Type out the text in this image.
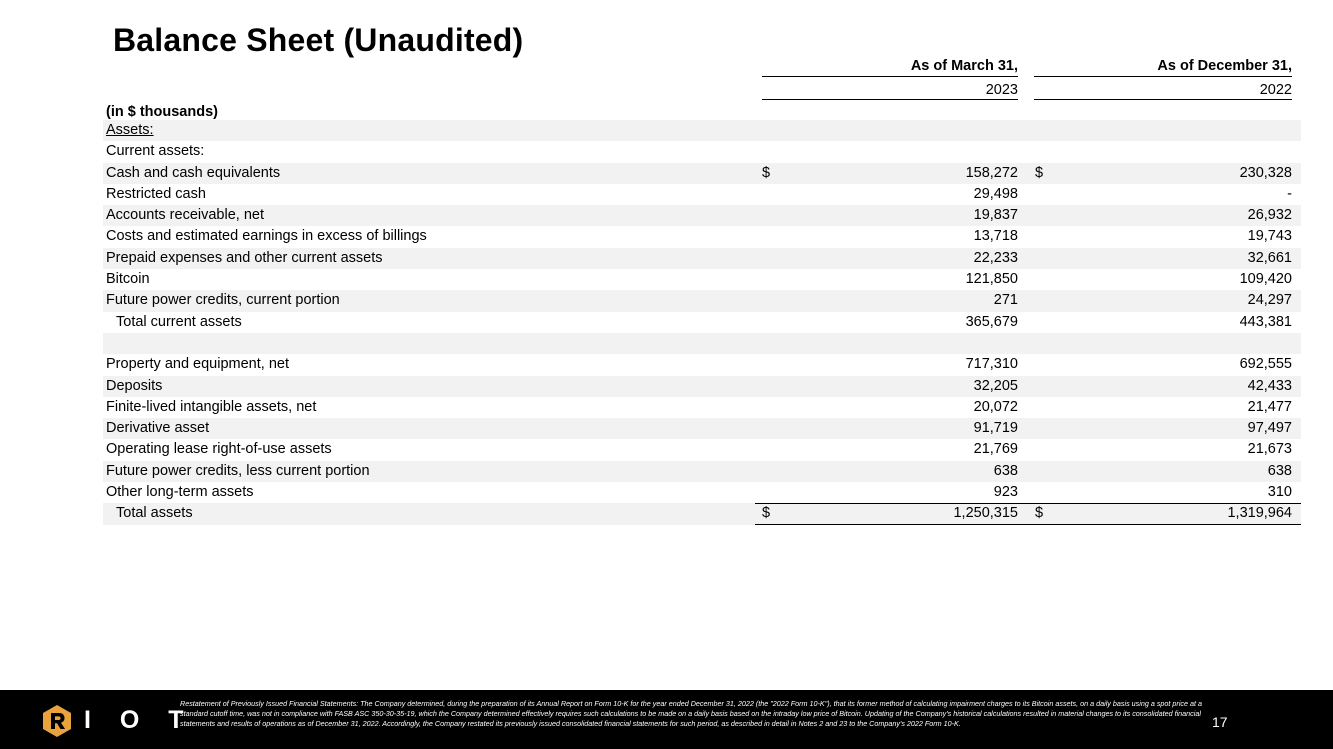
Balance Sheet (Unaudited)
As of March 31,	As of December 31,
2023	2022
(in $ thousands)
Assets:
Current assets:
Cash and cash equivalents	$	158,272 $	230,328
Restricted cash	29,498	-
Accounts receivable, net	19,837	26,932
Costs and estimated earnings in excess of billings	13,718	19,743
Prepaid expenses and other current assets	22,233	32,661
Bitcoin	121,850	109,420
Future power credits, current portion	271	24,297
Total current assets	365,679	443,381
Property and equipment, net	717,310	692,555
Deposits	32,205	42,433
Finite-lived intangible assets, net	20,072	21,477
Derivative asset	91,719	97,497
Operating lease right-of-use assets	21,769	21,673
Future power credits, less current portion	638	638
Other long-term assets	923	310
Total assets	$	1,250,315 $	1,319,964
I O T
Restatement of Previously Issued Financial Statements: The Company determined, during the preparation of its Annual Report on Form 10-K for the year ended December 31, 2022 (the "2022 Form 10-K"), that its former method of calculating impairment charges to its Bitcoin assets, on a daily basis using a spot price at a standard cutoff time, was not in compliance with FASB ASC 350-30-35-19, which the Company determined effectively requires such calculations to be made on a daily basis based on the intraday low price of Bitcoin. Updating of the Company's historical calculations resulted in material changes to its consolidated financial statements and results of operations as of December 31, 2022. Accordingly, the Company restated its previously issued consolidated financial statements for such period, as described in detail in Notes 2 and 23 to the Company's 2022 Form 10-K.	17
